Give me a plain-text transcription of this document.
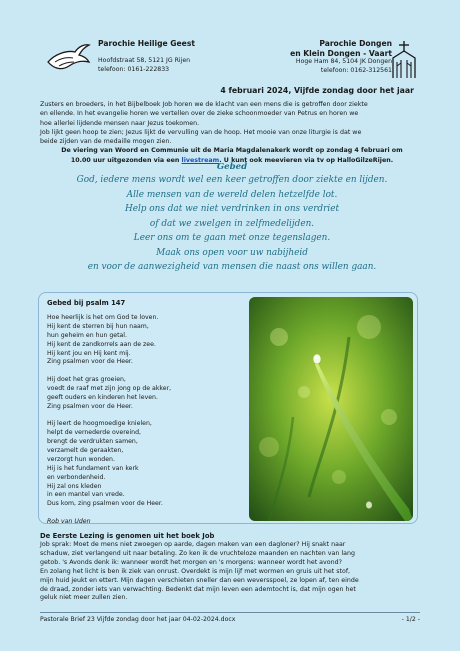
Parochie Heilige Geest
Hoofdstraat 58, 5121 JG Rijen
telefoon: 0161-222833
Parochie Dongen
en Klein Dongen - Vaart
Hoge Ham 84, 5104 JK Dongen
telefoon: 0162-312561
4 februari 2024, Vijfde zondag door het jaar
Zusters en broeders, in het Bijbelboek Job horen we de klacht van een mens die is getroffen door ziekte
en ellende. In het evangelie horen we vertellen over de zieke schoonmoeder van Petrus en horen we
hoe allerlei lijdende mensen naar Jezus toekomen.
Job lijkt geen hoop te zien; Jezus lijkt de vervulling van de hoop. Het mooie van onze liturgie is dat we
beide zijden van de medaille mogen zien.
De viering van Woord en Communie uit de Maria Magdalenakerk wordt op zondag 4 februari om
10.00 uur uitgezonden via een livestream. U kunt ook meevieren via tv op HalloGilzeRijen.
Gebed
God, iedere mens wordt wel een keer getroffen door ziekte en lijden.
Alle mensen van de wereld delen hetzelfde lot.
Help ons dat we niet verdrinken in ons verdriet
of dat we zwelgen in zelfmedelijden.
Leer ons om te gaan met onze tegenslagen.
Maak ons open voor uw nabijheid
en voor de aanwezigheid van mensen die naast ons willen gaan.
Gebed bij psalm 147
Hoe heerlijk is het om God te loven.
Hij kent de sterren bij hun naam,
hun geheim en hun getal.
Hij kent de zandkorrels aan de zee.
Hij kent jou en Hij kent mij.
Zing psalmen voor de Heer.
Hij doet het gras groeien,
voedt de raaf met zijn jong op de akker,
geeft ouders en kinderen het leven.
Zing psalmen voor de Heer.
Hij leert de hoogmoedige knielen,
helpt de vernederde overeind,
brengt de verdrukten samen,
verzamelt de geraakten,
verzorgt hun wonden.
Hij is het fundament van kerk
en verbondenheid.
Hij zal ons kleden
in een mantel van vrede.
Dus kom, zing psalmen voor de Heer.
Rob van Uden
De Eerste Lezing is genomen uit het boek Job
Job sprak: Moet de mens niet zwoegen op aarde, dagen maken van een dagloner? Hij snakt naar
schaduw, ziet verlangend uit naar betaling. Zo ken ik de vruchteloze maanden en nachten van lang
getob. 's Avonds denk ik: wanneer wordt het morgen en 's morgens: wanneer wordt het avond?
En zolang het licht is ben ik ziek van onrust. Overdekt is mijn lijf met wormen en gruis uit het stof,
mijn huid jeukt en ettert. Mijn dagen verschieten sneller dan een weversspoel, ze lopen af, ten einde
de draad, zonder iets van verwachting. Bedenkt dat mijn leven een ademtocht is, dat mijn ogen het
geluk niet meer zullen zien.
Pastorale Brief 23 Vijfde zondag door het jaar 04-02-2024.docx	- 1/2 -
